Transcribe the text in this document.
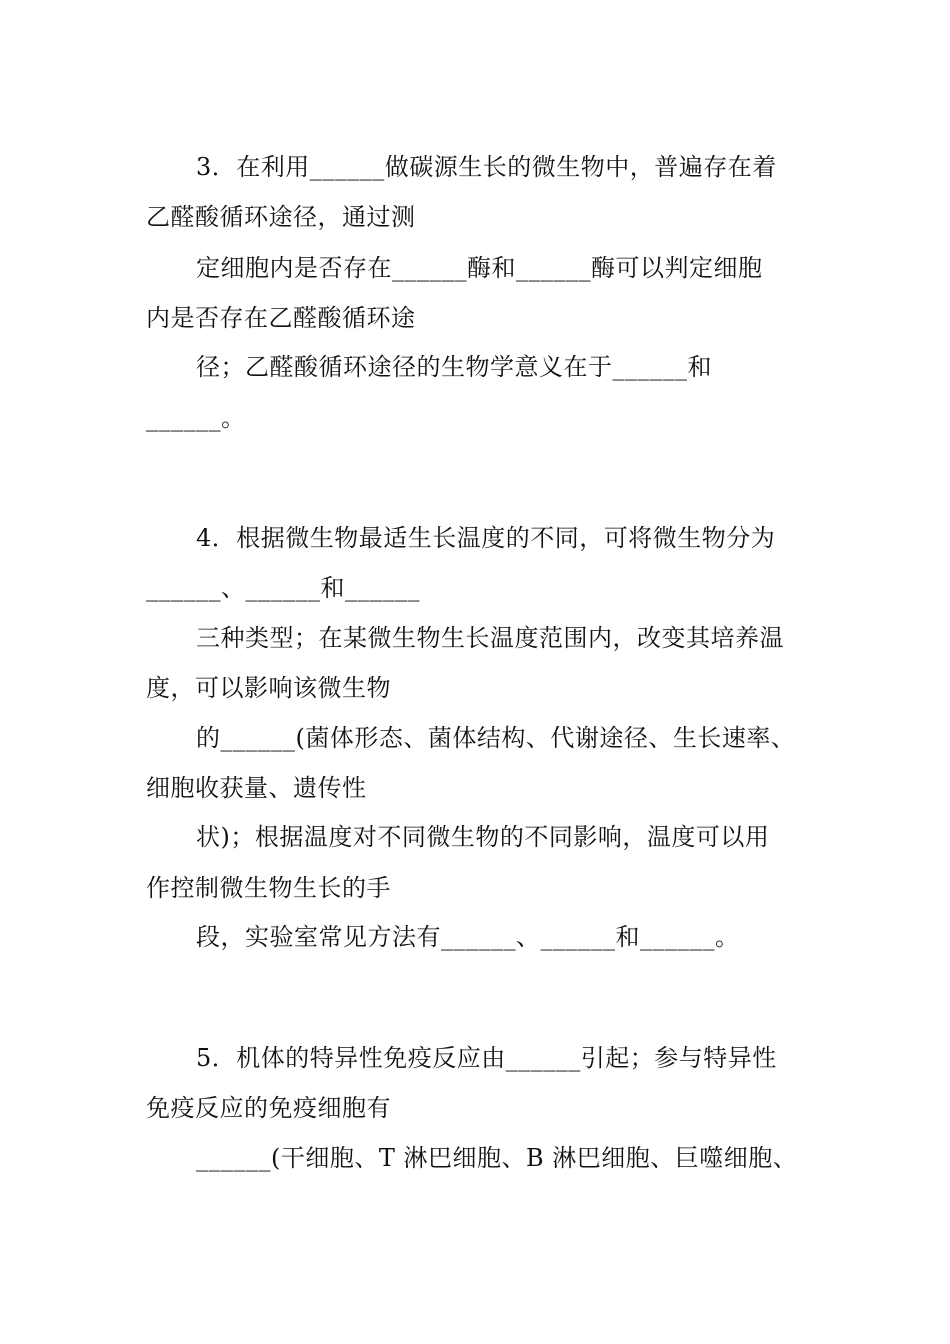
3．在利用______做碳源生长的微生物中，普遍存在着
乙醛酸循环途径，通过测
定细胞内是否存在______酶和______酶可以判定细胞
内是否存在乙醛酸循环途
径；乙醛酸循环途径的生物学意义在于______和
______。
4．根据微生物最适生长温度的不同，可将微生物分为
______、______和______
三种类型；在某微生物生长温度范围内，改变其培养温
度，可以影响该微生物
的______(菌体形态、菌体结构、代谢途径、生长速率、
细胞收获量、遗传性
状)；根据温度对不同微生物的不同影响，温度可以用
作控制微生物生长的手
段，实验室常见方法有______、______和______。
5．机体的特异性免疫反应由______引起；参与特异性
免疫反应的免疫细胞有
______(干细胞、T 淋巴细胞、B 淋巴细胞、巨噬细胞、
